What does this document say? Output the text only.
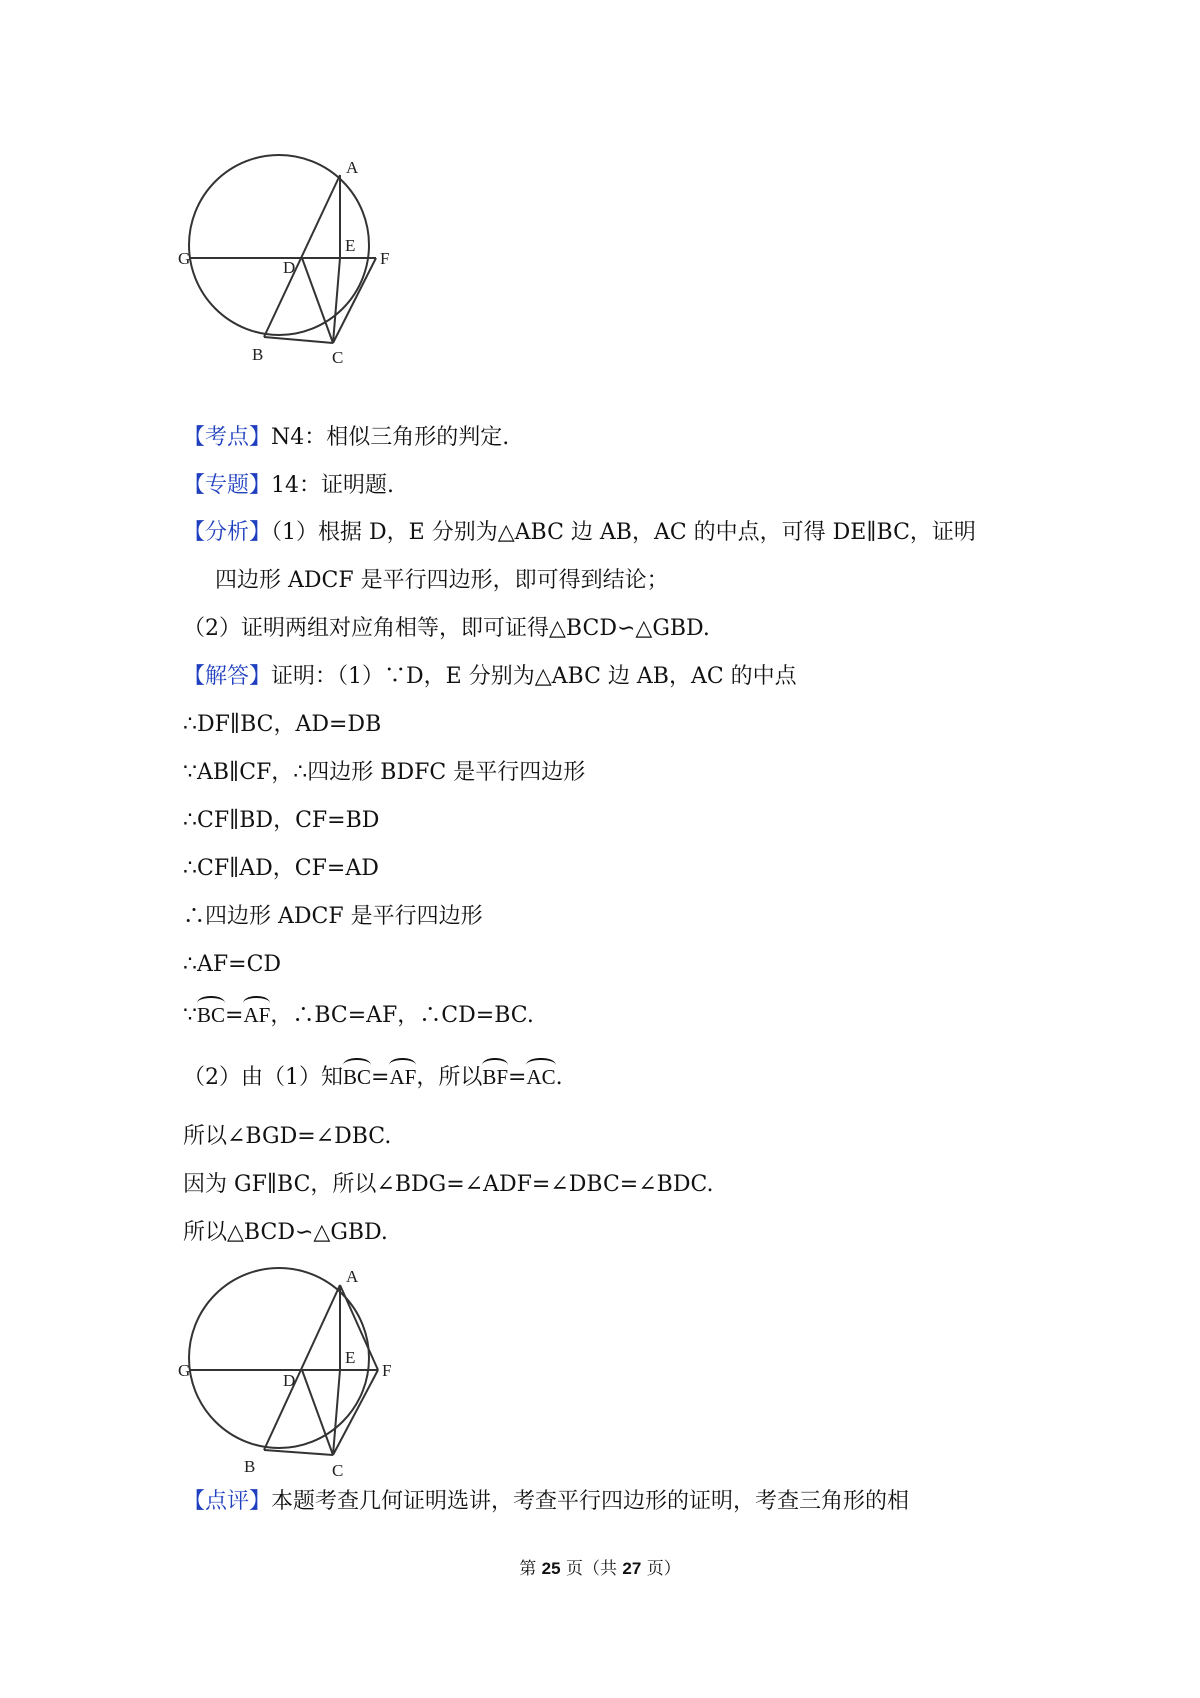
A
B	C
D
E
F
G
【考点】N4：相似三角形的判定.
【专题】14：证明题.
【分析】（1）根据 D，E 分别为△ABC 边 AB，AC 的中点，可得 DE∥BC，证明
四边形 ADCF 是平行四边形，即可得到结论；
（2）证明两组对应角相等，即可证得△BCD∽△GBD.
【解答】证明：（1）∵D，E 分别为△ABC 边 AB，AC 的中点
∴DF∥BC，AD=DB
∵AB∥CF，∴四边形 BDFC 是平行四边形
∴CF∥BD，CF=BD
∴CF∥AD，CF=AD
∴四边形 ADCF 是平行四边形
∴AF=CD
∵BC=AF，∴BC=AF，∴CD=BC.
（2）由（1）知BC=AF，所以BF=AC.
所以∠BGD=∠DBC.
因为 GF∥BC，所以∠BDG=∠ADF=∠DBC=∠BDC.
所以△BCD∽△GBD.
A
B	C
D
E
F
G
【点评】本题考查几何证明选讲，考查平行四边形的证明，考查三角形的相
第 25 页（共 27 页）
